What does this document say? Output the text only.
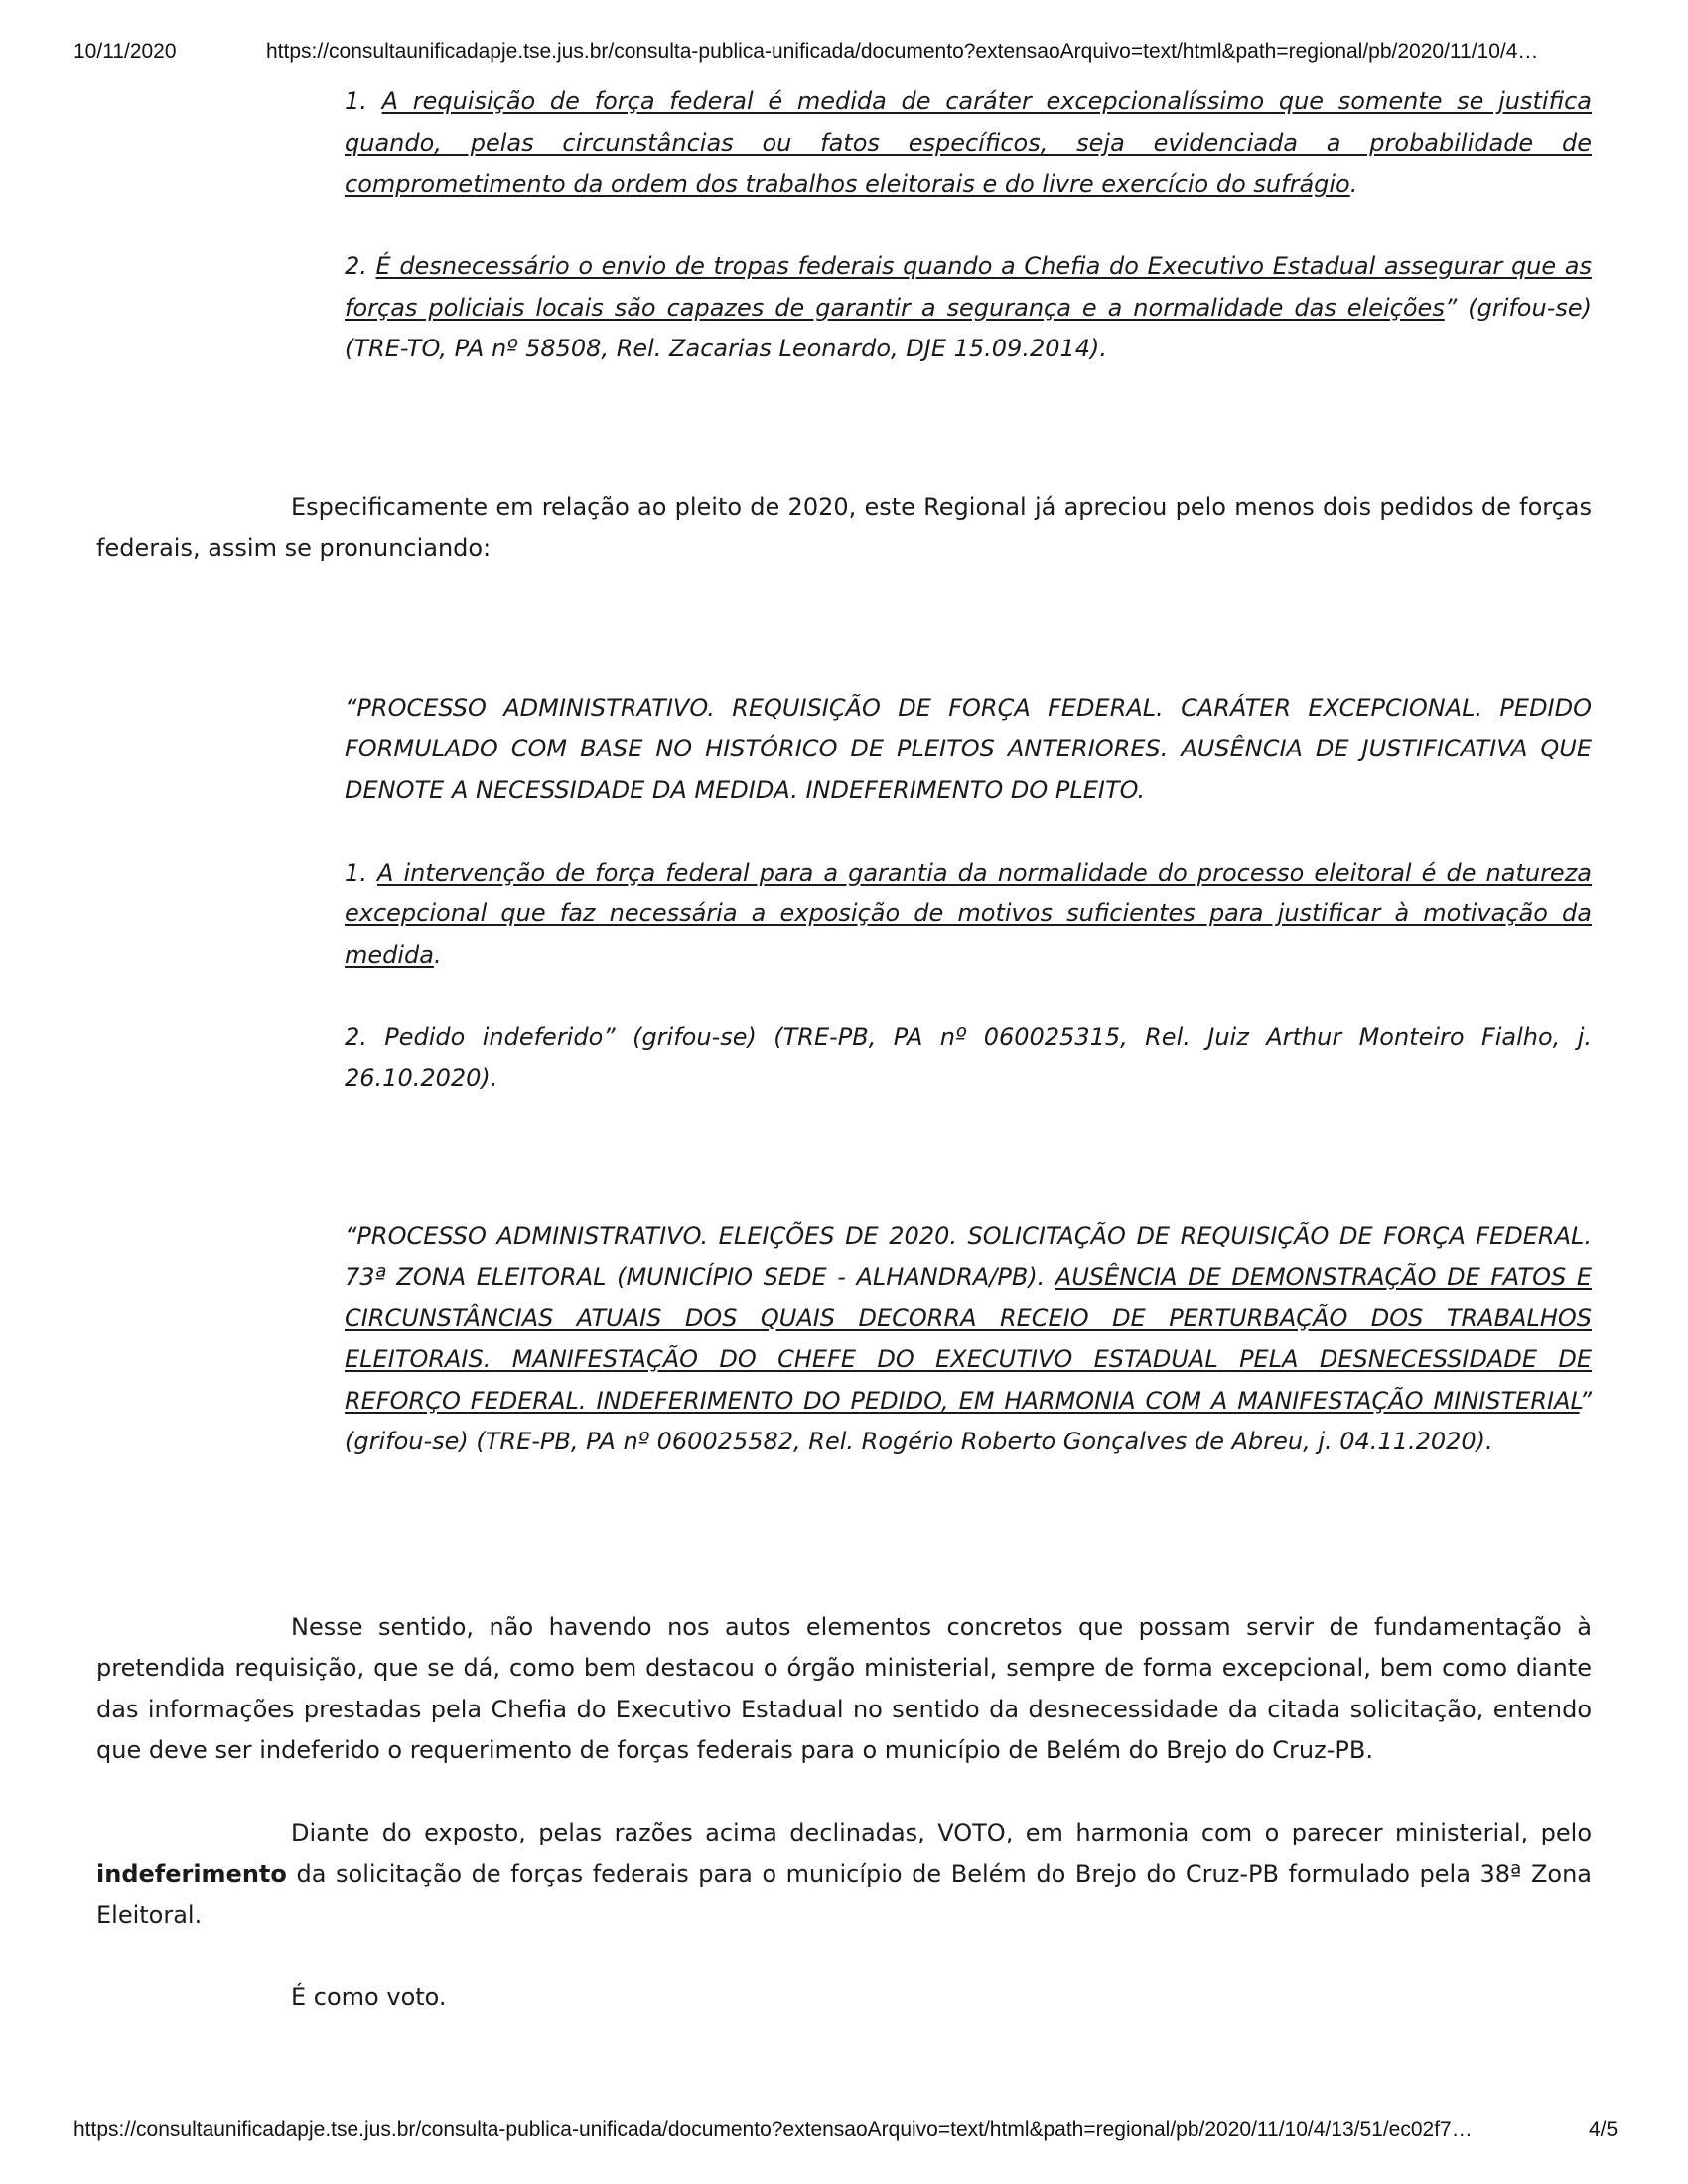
10/11/2020	https://consultaunificadapje.tse.jus.br/consulta-publica-unificada/documento?extensaoArquivo=text/html&path=regional/pb/2020/11/10/4…

1. A requisição de força federal é medida de caráter excepcionalíssimo que somente se justifica quando, pelas circunstâncias ou fatos específicos, seja evidenciada a probabilidade de comprometimento da ordem dos trabalhos eleitorais e do livre exercício do sufrágio.

2. É desnecessário o envio de tropas federais quando a Chefia do Executivo Estadual assegurar que as forças policiais locais são capazes de garantir a segurança e a normalidade das eleições” (grifou-se) (TRE-TO, PA nº 58508, Rel. Zacarias Leonardo, DJE 15.09.2014).

Especificamente em relação ao pleito de 2020, este Regional já apreciou pelo menos dois pedidos de forças federais, assim se pronunciando:

“PROCESSO ADMINISTRATIVO. REQUISIÇÃO DE FORÇA FEDERAL. CARÁTER EXCEPCIONAL. PEDIDO FORMULADO COM BASE NO HISTÓRICO DE PLEITOS ANTERIORES. AUSÊNCIA DE JUSTIFICATIVA QUE DENOTE A NECESSIDADE DA MEDIDA. INDEFERIMENTO DO PLEITO.

1. A intervenção de força federal para a garantia da normalidade do processo eleitoral é de natureza excepcional que faz necessária a exposição de motivos suficientes para justificar à motivação da medida.

2. Pedido indeferido” (grifou-se) (TRE-PB, PA nº 060025315, Rel. Juiz Arthur Monteiro Fialho, j. 26.10.2020).

“PROCESSO ADMINISTRATIVO. ELEIÇÕES DE 2020. SOLICITAÇÃO DE REQUISIÇÃO DE FORÇA FEDERAL. 73ª ZONA ELEITORAL (MUNICÍPIO SEDE - ALHANDRA/PB). AUSÊNCIA DE DEMONSTRAÇÃO DE FATOS E CIRCUNSTÂNCIAS ATUAIS DOS QUAIS DECORRA RECEIO DE PERTURBAÇÃO DOS TRABALHOS ELEITORAIS. MANIFESTAÇÃO DO CHEFE DO EXECUTIVO ESTADUAL PELA DESNECESSIDADE DE REFORÇO FEDERAL. INDEFERIMENTO DO PEDIDO, EM HARMONIA COM A MANIFESTAÇÃO MINISTERIAL” (grifou-se) (TRE-PB, PA nº 060025582, Rel. Rogério Roberto Gonçalves de Abreu, j. 04.11.2020).

Nesse sentido, não havendo nos autos elementos concretos que possam servir de fundamentação à pretendida requisição, que se dá, como bem destacou o órgão ministerial, sempre de forma excepcional, bem como diante das informações prestadas pela Chefia do Executivo Estadual no sentido da desnecessidade da citada solicitação, entendo que deve ser indeferido o requerimento de forças federais para o município de Belém do Brejo do Cruz-PB.

Diante do exposto, pelas razões acima declinadas, VOTO, em harmonia com o parecer ministerial, pelo indeferimento da solicitação de forças federais para o município de Belém do Brejo do Cruz-PB formulado pela 38ª Zona Eleitoral.

É como voto.

https://consultaunificadapje.tse.jus.br/consulta-publica-unificada/documento?extensaoArquivo=text/html&path=regional/pb/2020/11/10/4/13/51/ec02f7…	4/5
